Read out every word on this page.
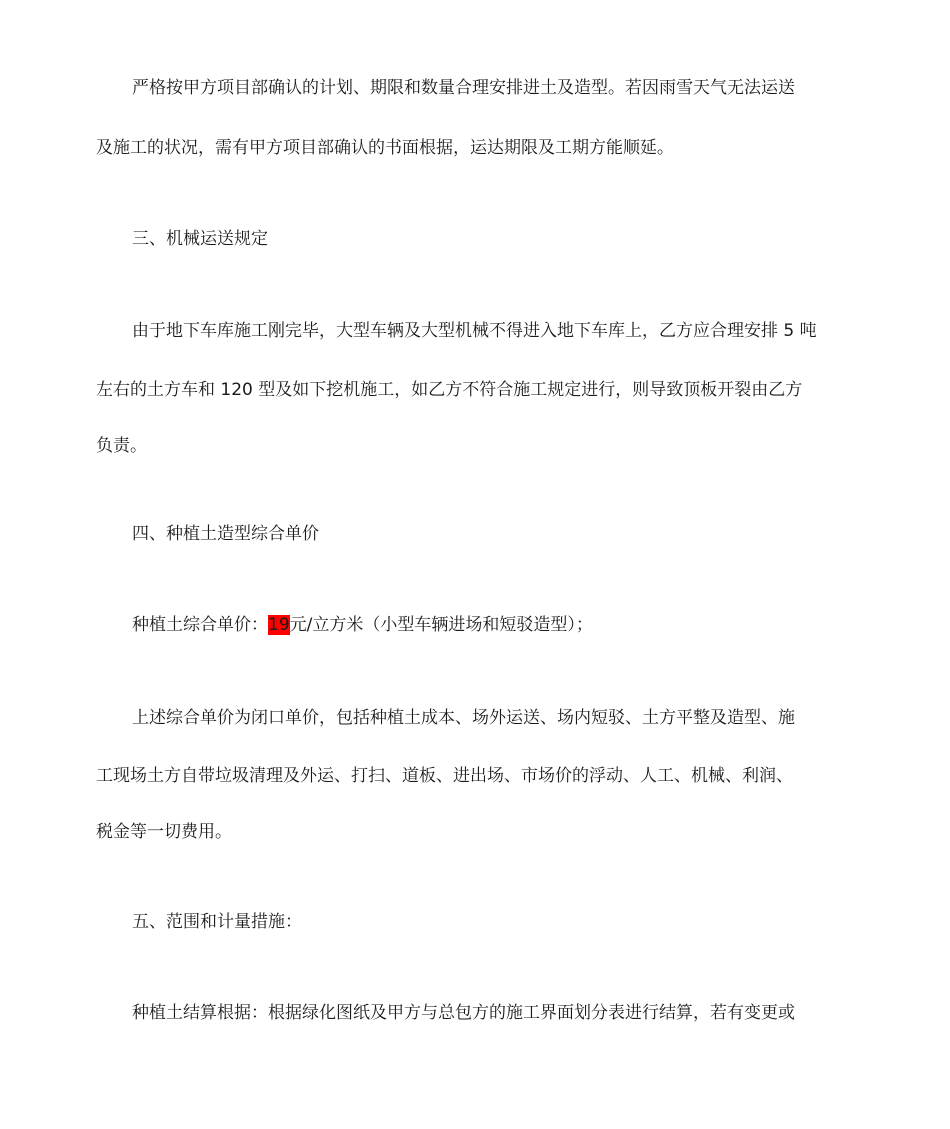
严格按甲方项目部确认的计划、期限和数量合理安排进土及造型。若因雨雪天气无法运送

及施工的状况，需有甲方项目部确认的书面根据，运达期限及工期方能顺延。

三、机械运送规定

由于地下车库施工刚完毕，大型车辆及大型机械不得进入地下车库上，乙方应合理安排 5 吨

左右的土方车和 120 型及如下挖机施工，如乙方不符合施工规定进行，则导致顶板开裂由乙方

负责。

四、种植土造型综合单价

种植土综合单价：19元/立方米（小型车辆进场和短驳造型）；

上述综合单价为闭口单价，包括种植土成本、场外运送、场内短驳、土方平整及造型、施

工现场土方自带垃圾清理及外运、打扫、道板、进出场、市场价的浮动、人工、机械、利润、

税金等一切费用。

五、范围和计量措施：

种植土结算根据：根据绿化图纸及甲方与总包方的施工界面划分表进行结算，若有变更或
